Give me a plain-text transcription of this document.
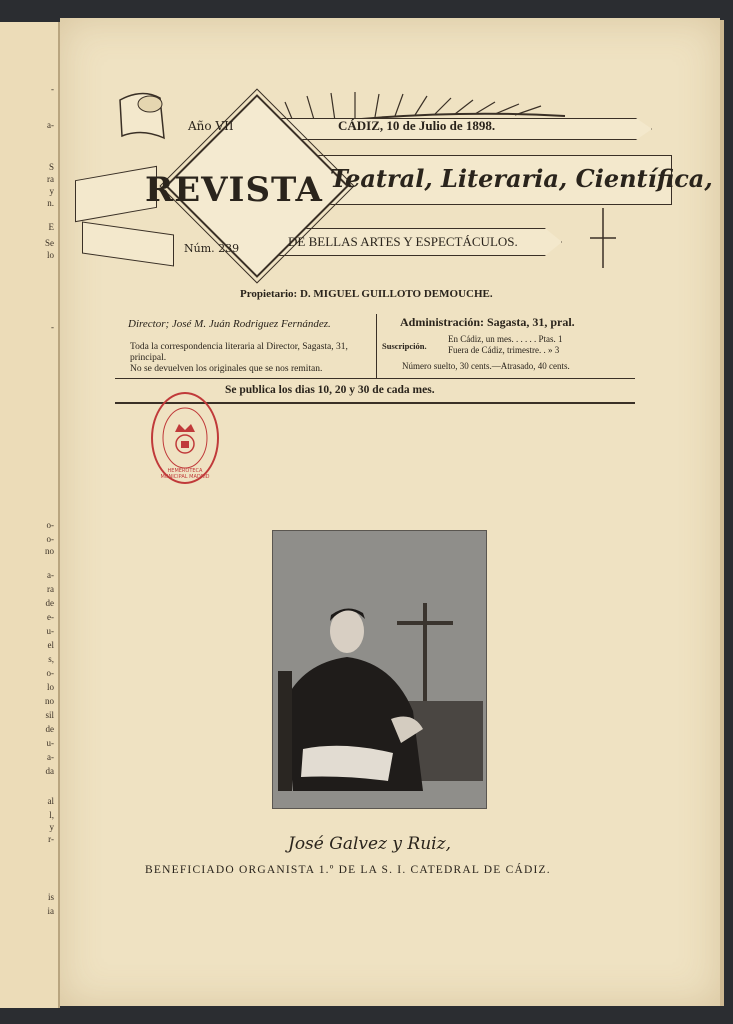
-
a-
S
ra
y
n.
E
Se
lo
-
o-
o-
no
a-
ra
de
e-
u-
el
s,
o-
lo
no
sil
de
u-
a-
da
al
l,
y
r-
is
ia
Año VII	CÁDIZ, 10 de Julio de 1898.
REVISTA Teatral, Literaria, Científica,
Núm. 239	DE BELLAS ARTES Y ESPECTÁCULOS.
Propietario: D. MIGUEL GUILLOTO DEMOUCHE.
Director; José M. Juán Rodriguez Fernández.
Toda la correspondencia literaria al Director, Sagasta, 31, principal.
No se devuelven los originales que se nos remitan.
Administración: Sagasta, 31, pral.
Suscripción.
En Cádiz, un mes. . . . . . Ptas. 1
Fuera de Cádiz, trimestre. . » 3
Número suelto, 30 cents.—Atrasado, 40 cents.
Se publica los dias 10, 20 y 30 de cada mes.
José Galvez y Ruiz,
BENEFICIADO ORGANISTA 1.º DE LA S. I. CATEDRAL DE CÁDIZ.
HEMEROTECA MUNICIPAL MADRID
